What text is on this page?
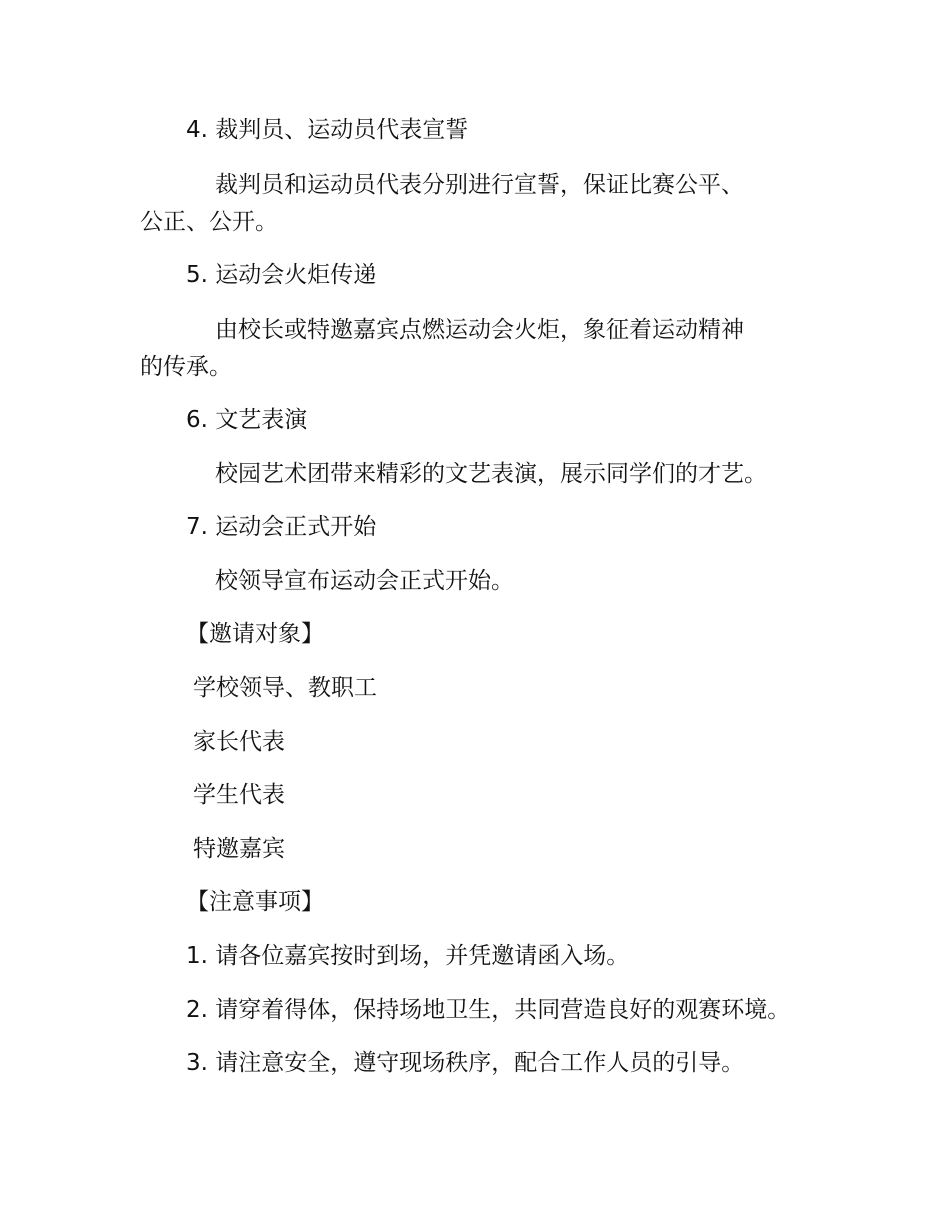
4. 裁判员、运动员代表宣誓

裁判员和运动员代表分别进行宣誓，保证比赛公平、

公正、公开。

5. 运动会火炬传递

由校长或特邀嘉宾点燃运动会火炬，象征着运动精神

的传承。

6. 文艺表演

校园艺术团带来精彩的文艺表演，展示同学们的才艺。

7. 运动会正式开始

校领导宣布运动会正式开始。

【邀请对象】

学校领导、教职工

家长代表

学生代表

特邀嘉宾

【注意事项】

1. 请各位嘉宾按时到场，并凭邀请函入场。

2. 请穿着得体，保持场地卫生，共同营造良好的观赛环境。

3. 请注意安全，遵守现场秩序，配合工作人员的引导。
